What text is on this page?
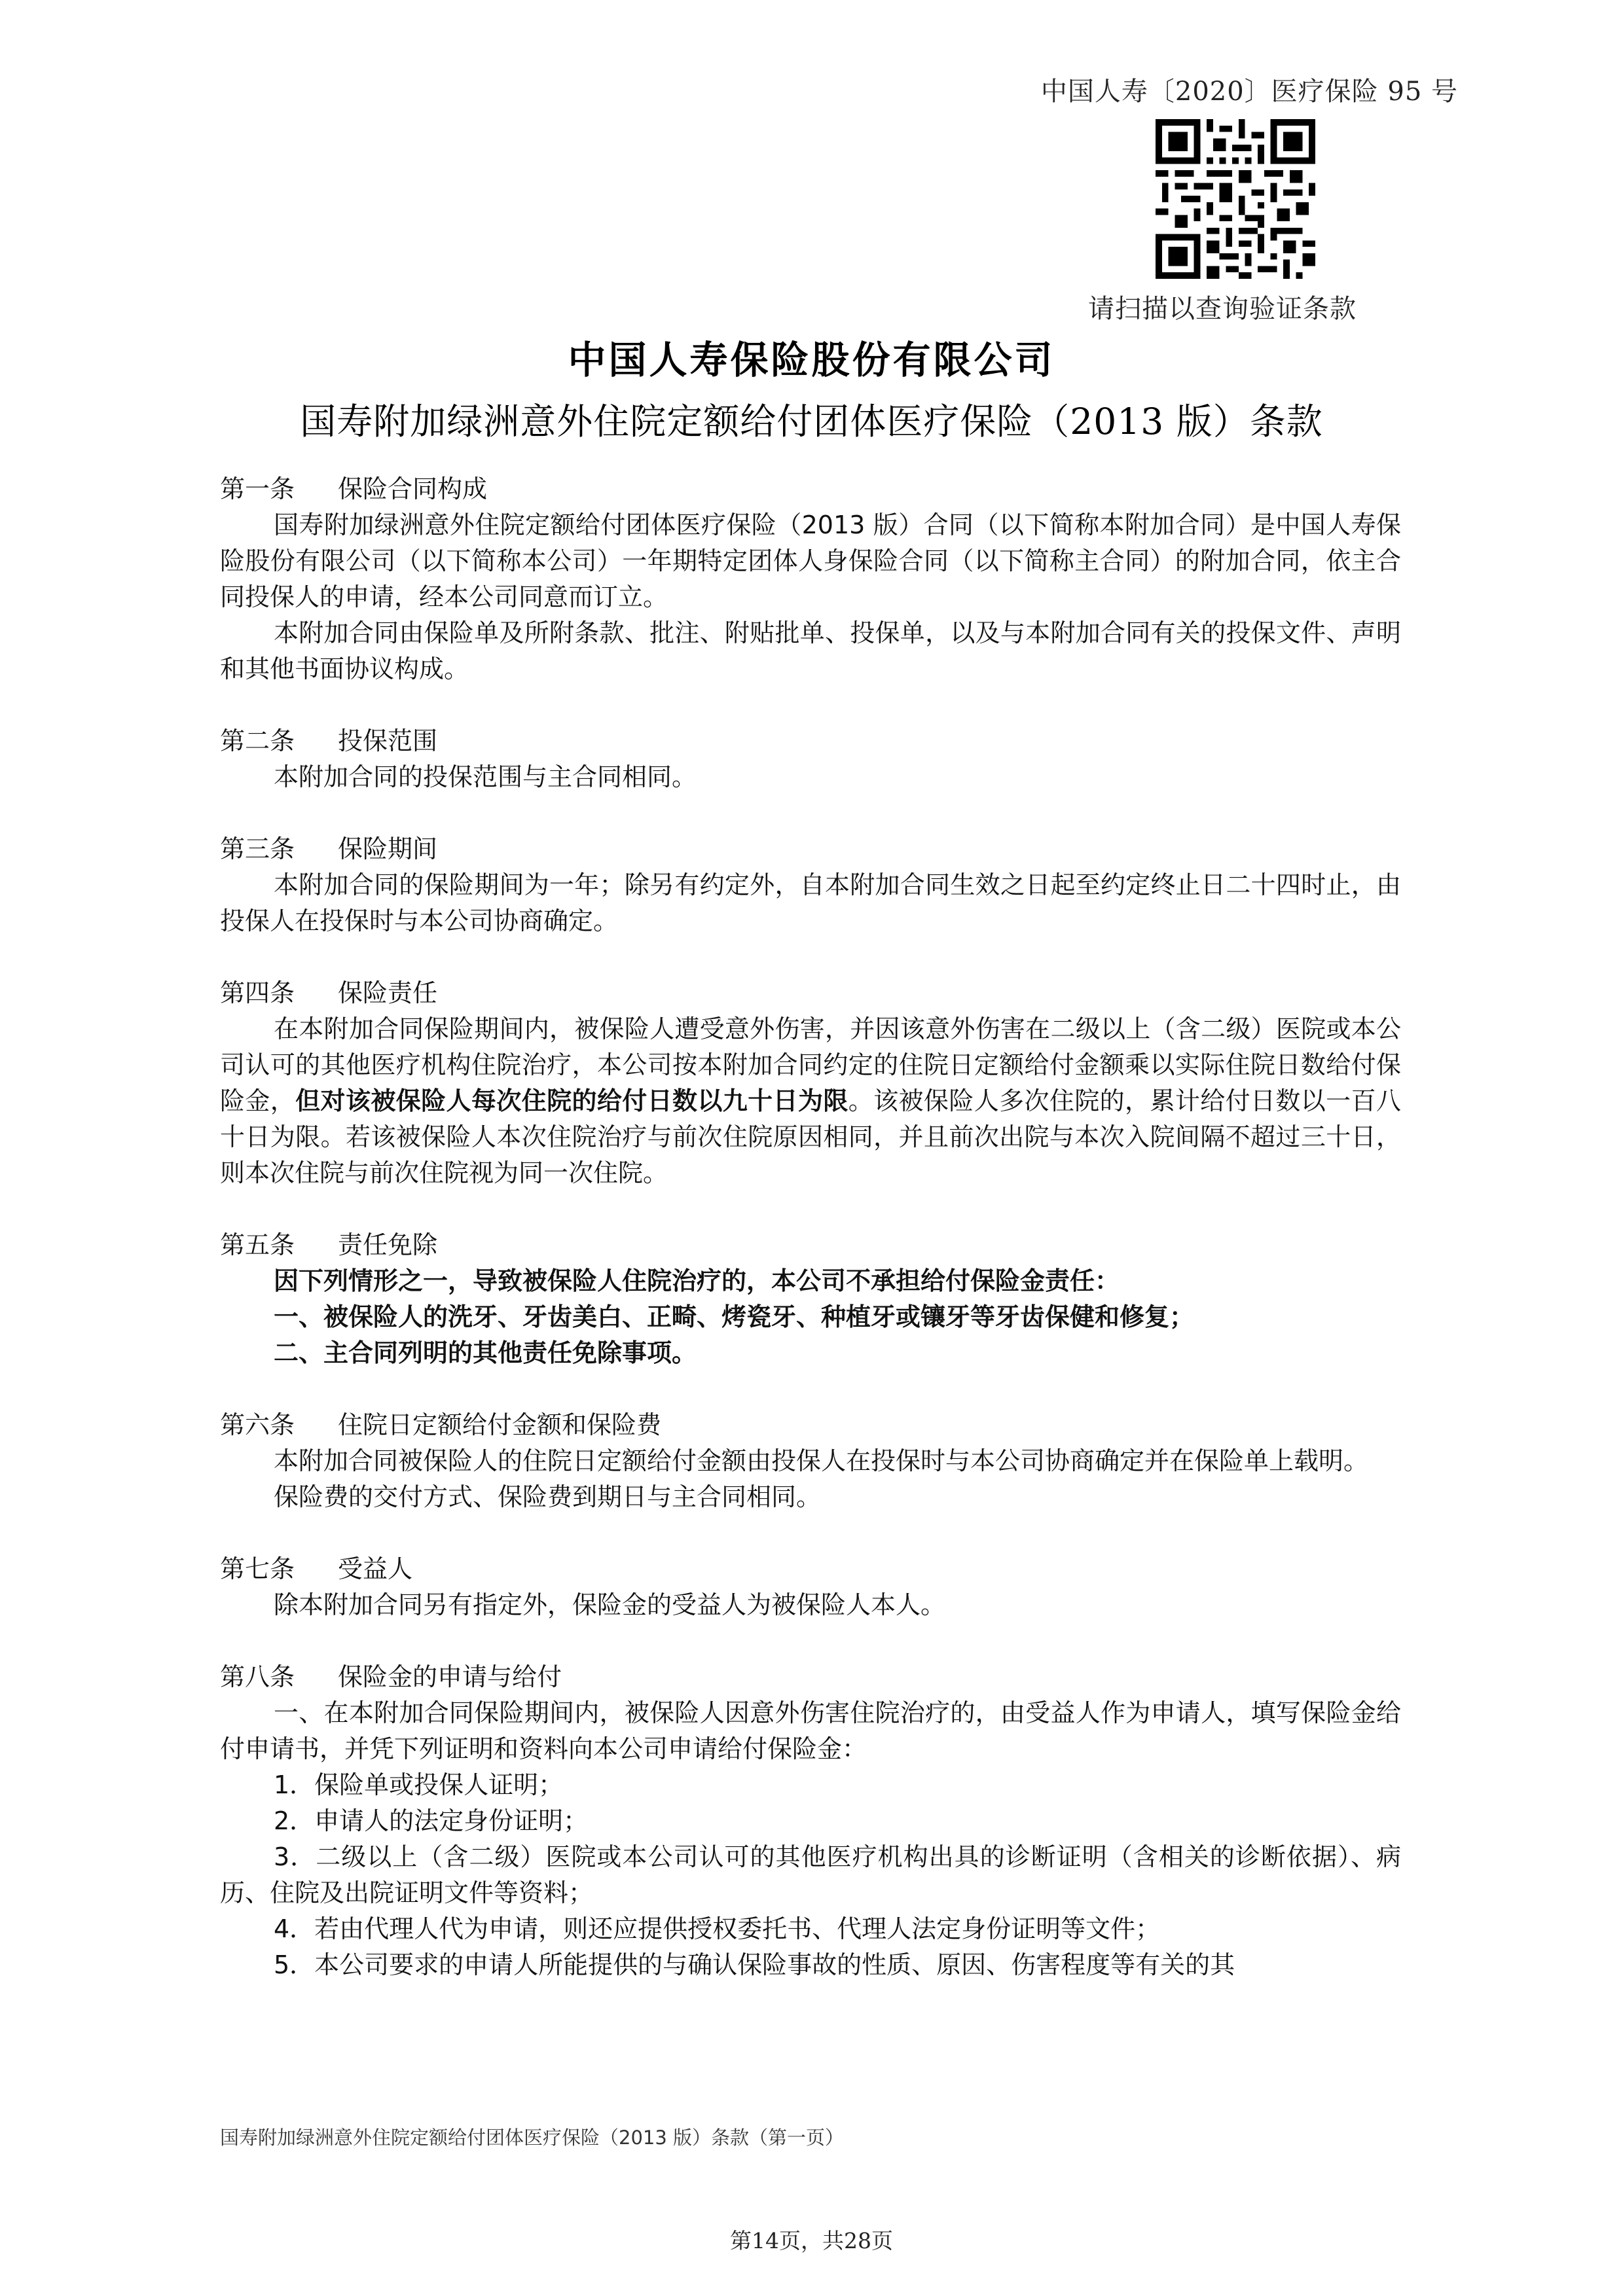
中国人寿〔2020〕医疗保险 95 号
请扫描以查询验证条款
中国人寿保险股份有限公司
国寿附加绿洲意外住院定额给付团体医疗保险（2013 版）条款

第一条 保险合同构成

国寿附加绿洲意外住院定额给付团体医疗保险（2013 版）合同（以下简称本附加合同）是中国人寿保险股份有限公司（以下简称本公司）一年期特定团体人身保险合同（以下简称主合同）的附加合同，依主合同投保人的申请，经本公司同意而订立。

本附加合同由保险单及所附条款、批注、附贴批单、投保单，以及与本附加合同有关的投保文件、声明和其他书面协议构成。

第二条 投保范围

本附加合同的投保范围与主合同相同。

第三条 保险期间

本附加合同的保险期间为一年；除另有约定外，自本附加合同生效之日起至约定终止日二十四时止，由投保人在投保时与本公司协商确定。

第四条 保险责任

在本附加合同保险期间内，被保险人遭受意外伤害，并因该意外伤害在二级以上（含二级）医院或本公司认可的其他医疗机构住院治疗，本公司按本附加合同约定的住院日定额给付金额乘以实际住院日数给付保险金，但对该被保险人每次住院的给付日数以九十日为限。该被保险人多次住院的，累计给付日数以一百八十日为限。若该被保险人本次住院治疗与前次住院原因相同，并且前次出院与本次入院间隔不超过三十日，则本次住院与前次住院视为同一次住院。

第五条 责任免除

因下列情形之一，导致被保险人住院治疗的，本公司不承担给付保险金责任：

一、被保险人的洗牙、牙齿美白、正畸、烤瓷牙、种植牙或镶牙等牙齿保健和修复；

二、主合同列明的其他责任免除事项。

第六条 住院日定额给付金额和保险费

本附加合同被保险人的住院日定额给付金额由投保人在投保时与本公司协商确定并在保险单上载明。

保险费的交付方式、保险费到期日与主合同相同。

第七条 受益人

除本附加合同另有指定外，保险金的受益人为被保险人本人。

第八条 保险金的申请与给付

一、在本附加合同保险期间内，被保险人因意外伤害住院治疗的，由受益人作为申请人，填写保险金给付申请书，并凭下列证明和资料向本公司申请给付保险金：

1．保险单或投保人证明；

2．申请人的法定身份证明；

3．二级以上（含二级）医院或本公司认可的其他医疗机构出具的诊断证明（含相关的诊断依据）、病历、住院及出院证明文件等资料；

4．若由代理人代为申请，则还应提供授权委托书、代理人法定身份证明等文件；

5．本公司要求的申请人所能提供的与确认保险事故的性质、原因、伤害程度等有关的其

国寿附加绿洲意外住院定额给付团体医疗保险（2013 版）条款（第一页）
第14页，共28页
